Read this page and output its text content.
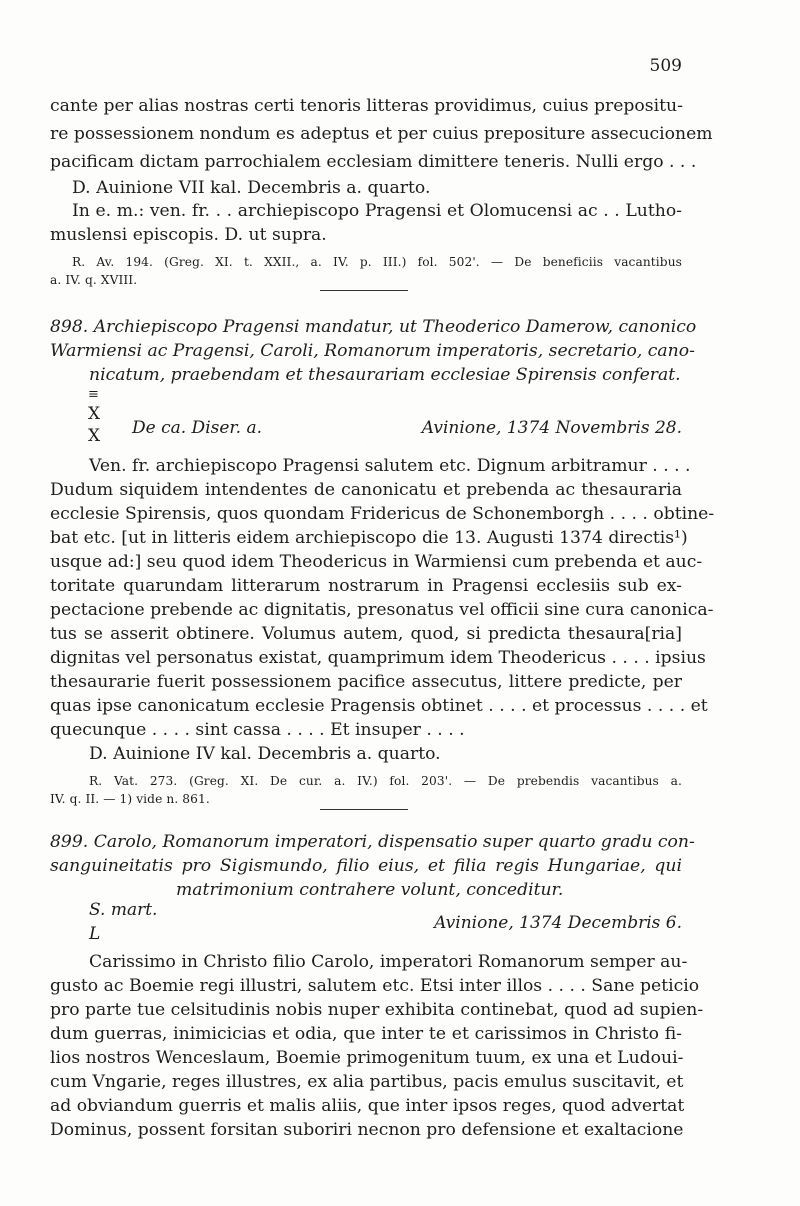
509
cante per alias nostras certi tenoris litteras providimus, cuius prepositu-
re possessionem nondum es adeptus et per cuius prepositure assecucionem
pacificam dictam parrochialem ecclesiam dimittere teneris. Nulli ergo . . .
D. Auinione VII kal. Decembris a. quarto.
In e. m.: ven. fr. . . archiepiscopo Pragensi et Olomucensi ac . . Lutho-
muslensi episcopis. D. ut supra.
R. Av. 194. (Greg. XI. t. XXII., a. IV. p. III.) fol. 502'. — De beneficiis vacantibus
a. IV. q. XVIII.
898. Archiepiscopo Pragensi mandatur, ut Theoderico Damerow, canonico
Warmiensi ac Pragensi, Caroli, Romanorum imperatoris, secretario, cano-
nicatum, praebendam et thesaurariam ecclesiae Spirensis conferat.
≡
X
X De ca. Diser. a.	Avinione, 1374 Novembris 28.
Ven. fr. archiepiscopo Pragensi salutem etc. Dignum arbitramur . . . .
Dudum siquidem intendentes de canonicatu et prebenda ac thesauraria
ecclesie Spirensis, quos quondam Fridericus de Schonemborgh . . . . obtine-
bat etc. [ut in litteris eidem archiepiscopo die 13. Augusti 1374 directis¹)
usque ad:] seu quod idem Theodericus in Warmiensi cum prebenda et auc-
toritate quarundam litterarum nostrarum in Pragensi ecclesiis sub ex-
pectacione prebende ac dignitatis, presonatus vel officii sine cura canonica-
tus se asserit obtinere. Volumus autem, quod, si predicta thesaura[ria]
dignitas vel personatus existat, quamprimum idem Theodericus . . . . ipsius
thesaurarie fuerit possessionem pacifice assecutus, littere predicte, per
quas ipse canonicatum ecclesie Pragensis obtinet . . . . et processus . . . . et
quecunque . . . . sint cassa . . . . Et insuper . . . .
D. Auinione IV kal. Decembris a. quarto.
R. Vat. 273. (Greg. XI. De cur. a. IV.) fol. 203'. — De prebendis vacantibus a.
IV. q. II. — 1) vide n. 861.
899. Carolo, Romanorum imperatori, dispensatio super quarto gradu con-
sanguineitatis pro Sigismundo, filio eius, et filia regis Hungariae, qui
matrimonium contrahere volunt, conceditur.
S. mart.
L
Avinione, 1374 Decembris 6.
Carissimo in Christo filio Carolo, imperatori Romanorum semper au-
gusto ac Boemie regi illustri, salutem etc. Etsi inter illos . . . . Sane peticio
pro parte tue celsitudinis nobis nuper exhibita continebat, quod ad supien-
dum guerras, inimicicias et odia, que inter te et carissimos in Christo fi-
lios nostros Wenceslaum, Boemie primogenitum tuum, ex una et Ludoui-
cum Vngarie, reges illustres, ex alia partibus, pacis emulus suscitavit, et
ad obviandum guerris et malis aliis, que inter ipsos reges, quod advertat
Dominus, possent forsitan suboriri necnon pro defensione et exaltacione
